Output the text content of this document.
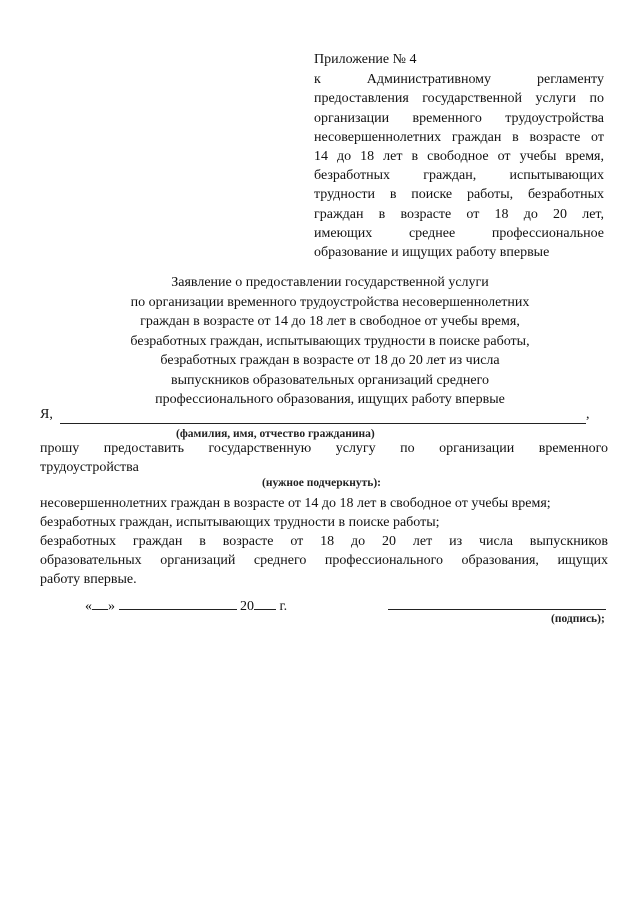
Приложение № 4
к Административному регламенту
предоставления государственной услуги по
организации временного трудоустройства
несовершеннолетних граждан в возрасте от
14 до 18 лет в свободное от учебы время,
безработных граждан, испытывающих
трудности в поиске работы, безработных
граждан в возрасте от 18 до 20 лет,
имеющих среднее профессиональное
образование и ищущих работу впервые
Заявление о предоставлении государственной услуги
по организации временного трудоустройства несовершеннолетних
граждан в возрасте от 14 до 18 лет в свободное от учебы время,
безработных граждан, испытывающих трудности в поиске работы,
безработных граждан в возрасте от 18 до 20 лет из числа
выпускников образовательных организаций среднего
профессионального образования, ищущих работу впервые
Я,	,
(фамилия, имя, отчество гражданина)
прошу предоставить государственную услугу по организации временного
трудоустройства
несовершеннолетних граждан в возрасте от 14 до 18 лет в свободное от учебы время;
безработных граждан, испытывающих трудности в поиске работы;
безработных граждан в возрасте от 18 до 20 лет из числа выпускников
образовательных организаций среднего профессионального образования, ищущих
работу впервые.
(нужное подчеркнуть):
« »	20 г.
(подпись);
